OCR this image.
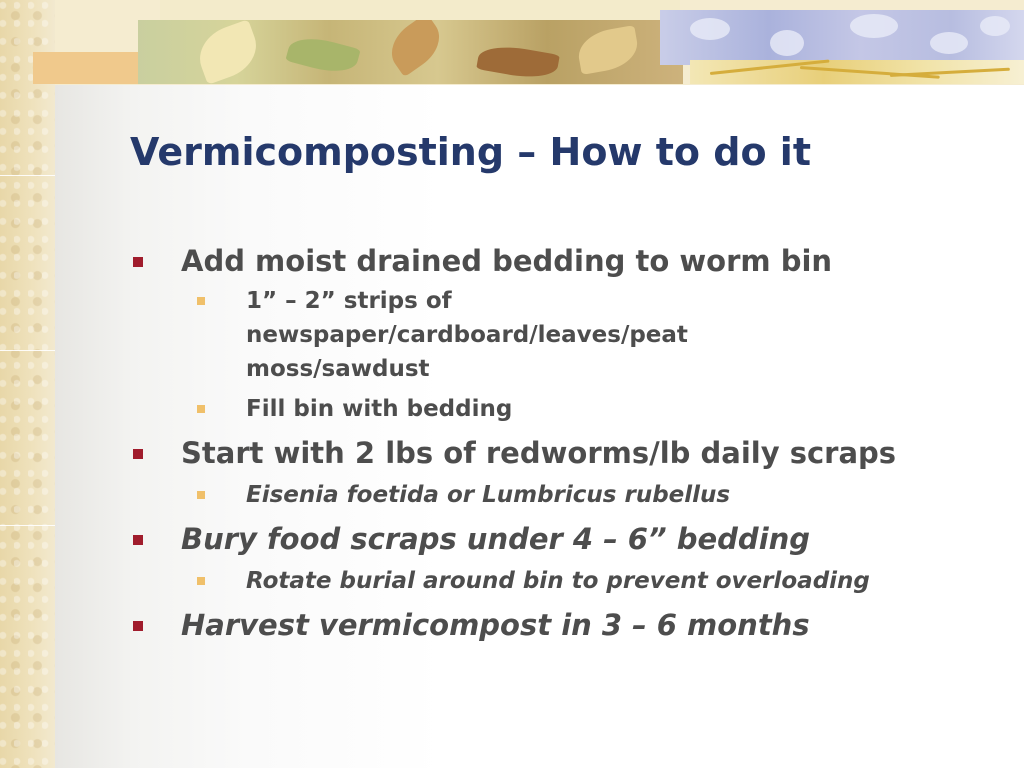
Vermicomposting – How to do it
Add moist drained bedding to worm bin
1” – 2” strips of newspaper/cardboard/leaves/peat moss/sawdust
Fill bin with bedding
Start with 2 lbs of redworms/lb daily scraps
Eisenia foetida or Lumbricus rubellus
Bury food scraps under 4 – 6” bedding
Rotate burial around bin to prevent overloading
Harvest vermicompost in 3 – 6 months
